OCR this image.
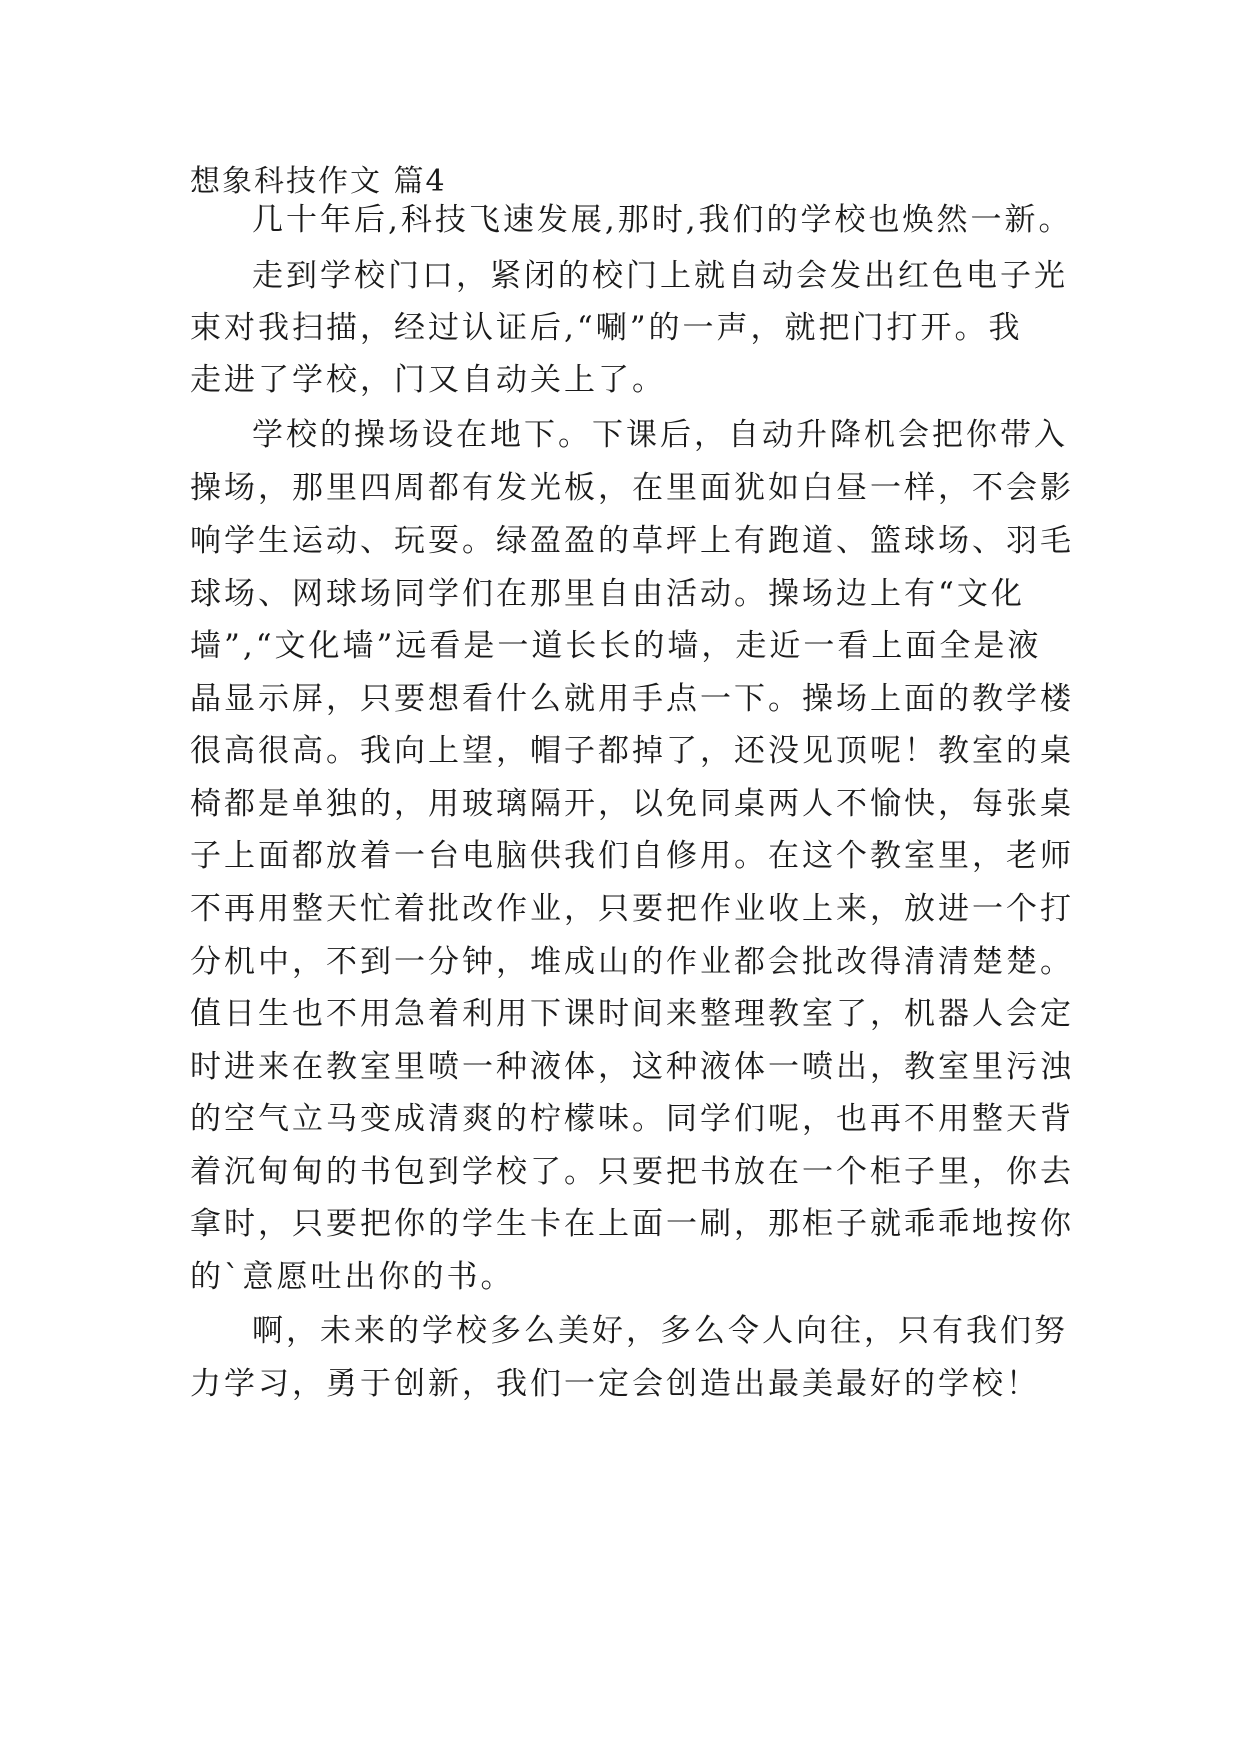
想象科技作文 篇4
几十年后,科技飞速发展,那时,我们的学校也焕然一新。
走到学校门口，紧闭的校门上就自动会发出红色电子光
束对我扫描，经过认证后,“唰”的一声，就把门打开。我
走进了学校，门又自动关上了。
学校的操场设在地下。下课后，自动升降机会把你带入
操场，那里四周都有发光板，在里面犹如白昼一样，不会影
响学生运动、玩耍。绿盈盈的草坪上有跑道、篮球场、羽毛
球场、网球场同学们在那里自由活动。操场边上有“文化
墙”,“文化墙”远看是一道长长的墙，走近一看上面全是液
晶显示屏，只要想看什么就用手点一下。操场上面的教学楼
很高很高。我向上望，帽子都掉了，还没见顶呢！教室的桌
椅都是单独的，用玻璃隔开，以免同桌两人不愉快，每张桌
子上面都放着一台电脑供我们自修用。在这个教室里，老师
不再用整天忙着批改作业，只要把作业收上来，放进一个打
分机中，不到一分钟，堆成山的作业都会批改得清清楚楚。
值日生也不用急着利用下课时间来整理教室了，机器人会定
时进来在教室里喷一种液体，这种液体一喷出，教室里污浊
的空气立马变成清爽的柠檬味。同学们呢，也再不用整天背
着沉甸甸的书包到学校了。只要把书放在一个柜子里，你去
拿时，只要把你的学生卡在上面一刷，那柜子就乖乖地按你
的`意愿吐出你的书。
啊，未来的学校多么美好，多么令人向往，只有我们努
力学习，勇于创新，我们一定会创造出最美最好的学校！
